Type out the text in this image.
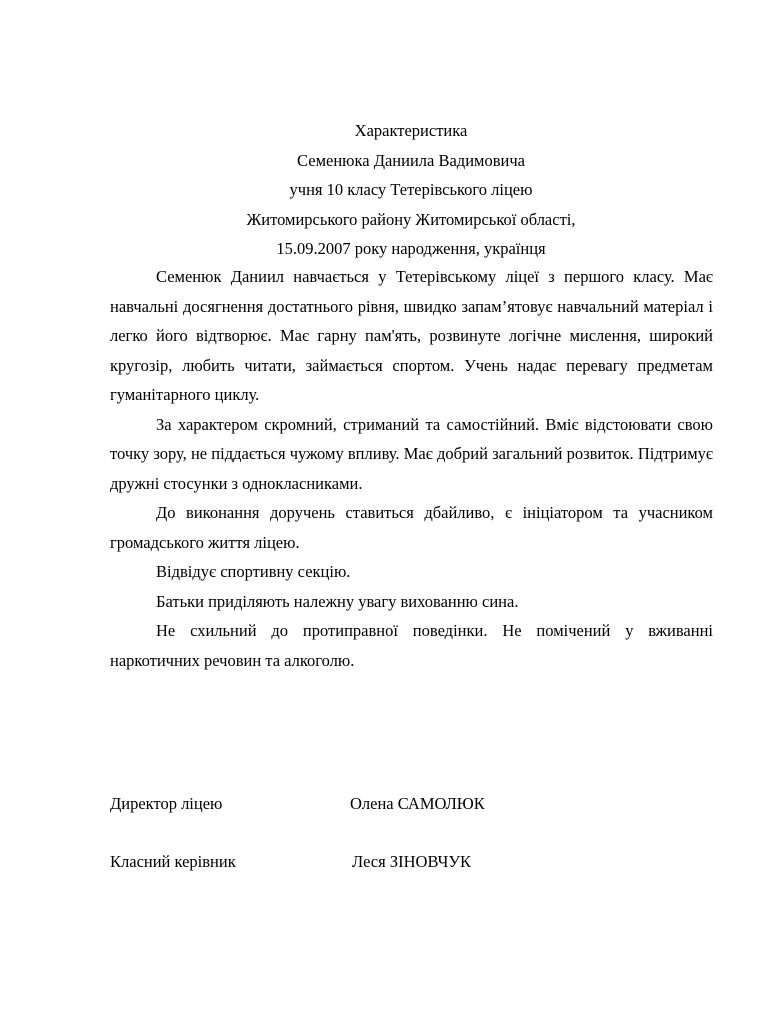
Характеристика
Семенюка Даниила Вадимовича
учня 10 класу Тетерівського ліцею
Житомирського району Житомирської області,
15.09.2007 року народження, українця

Семенюк Даниил навчається у Тетерівському ліцеї з першого класу. Має навчальні досягнення достатнього рівня, швидко запам’ятовує навчальний матеріал і легко його відтворює. Має гарну пам'ять, розвинуте логічне мислення, широкий кругозір, любить читати, займається спортом. Учень надає перевагу предметам гуманітарного циклу.

За характером скромний, стриманий та самостійний. Вміє відстоювати свою точку зору, не піддається чужому впливу. Має добрий загальний розвиток. Підтримує дружні стосунки з однокласниками.

До виконання доручень ставиться дбайливо, є ініціатором та учасником громадського життя ліцею.

Відвідує спортивну секцію.

Батьки приділяють належну увагу вихованню сина.

Не схильний до протиправної поведінки. Не помічений у вживанні наркотичних речовин та алкоголю.

Директор ліцею	Олена САМОЛЮК
Класний керівник	Леся ЗІНОВЧУК
